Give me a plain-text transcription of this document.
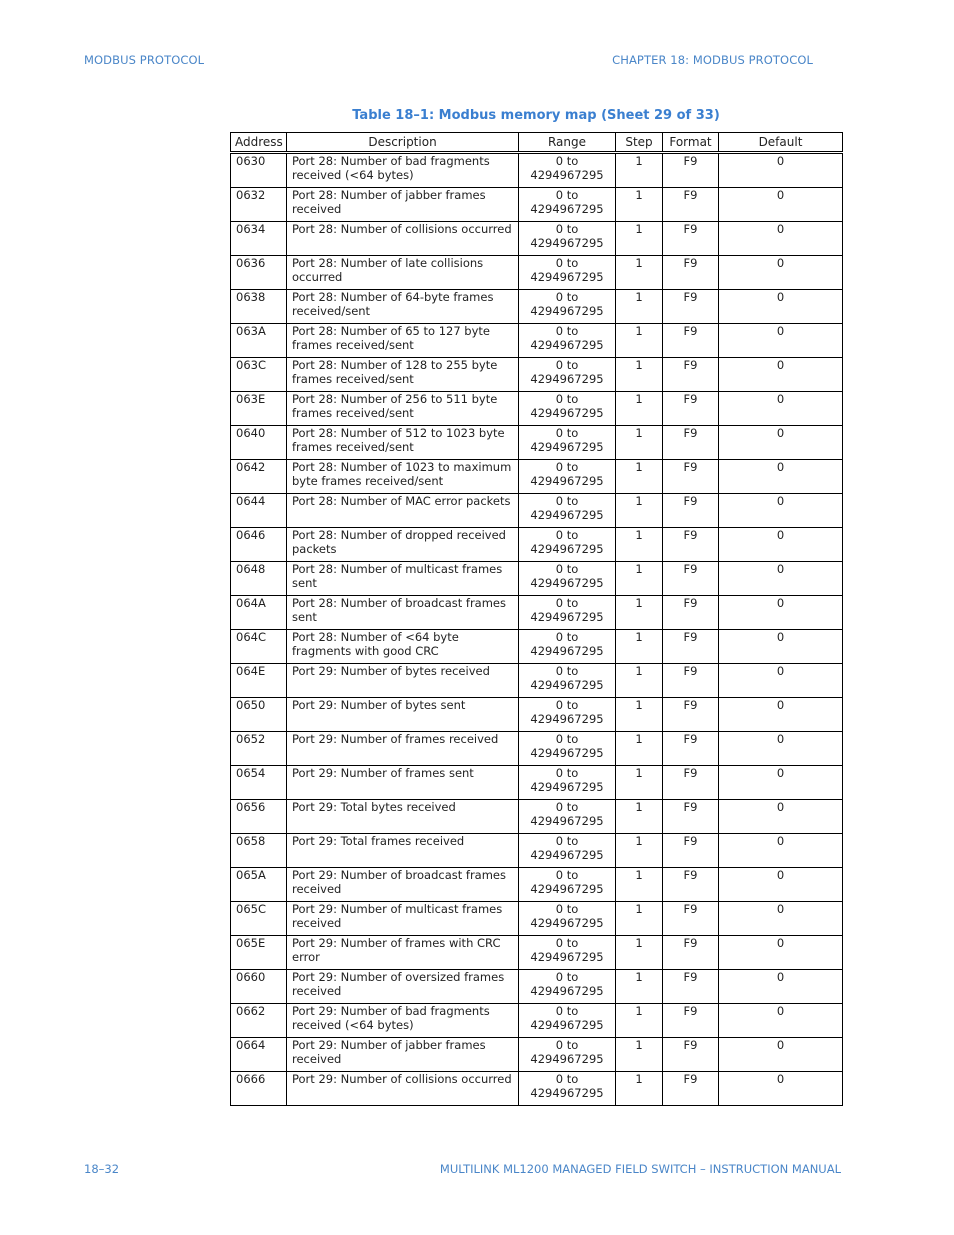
MODBUS PROTOCOL	CHAPTER 18: MODBUS PROTOCOL
Table 18–1: Modbus memory map (Sheet 29 of 33)
Address	Description	Range	Step	Format	Default
0630	Port 28: Number of bad fragments received (<64 bytes)	0 to 4294967295	1	F9	0
0632	Port 28: Number of jabber frames received	0 to 4294967295	1	F9	0
0634	Port 28: Number of collisions occurred	0 to 4294967295	1	F9	0
0636	Port 28: Number of late collisions occurred	0 to 4294967295	1	F9	0
0638	Port 28: Number of 64-byte frames received/sent	0 to 4294967295	1	F9	0
063A	Port 28: Number of 65 to 127 byte frames received/sent	0 to 4294967295	1	F9	0
063C	Port 28: Number of 128 to 255 byte frames received/sent	0 to 4294967295	1	F9	0
063E	Port 28: Number of 256 to 511 byte frames received/sent	0 to 4294967295	1	F9	0
0640	Port 28: Number of 512 to 1023 byte frames received/sent	0 to 4294967295	1	F9	0
0642	Port 28: Number of 1023 to maximum byte frames received/sent	0 to 4294967295	1	F9	0
0644	Port 28: Number of MAC error packets	0 to 4294967295	1	F9	0
0646	Port 28: Number of dropped received packets	0 to 4294967295	1	F9	0
0648	Port 28: Number of multicast frames sent	0 to 4294967295	1	F9	0
064A	Port 28: Number of broadcast frames sent	0 to 4294967295	1	F9	0
064C	Port 28: Number of <64 byte fragments with good CRC	0 to 4294967295	1	F9	0
064E	Port 29: Number of bytes received	0 to 4294967295	1	F9	0
0650	Port 29: Number of bytes sent	0 to 4294967295	1	F9	0
0652	Port 29: Number of frames received	0 to 4294967295	1	F9	0
0654	Port 29: Number of frames sent	0 to 4294967295	1	F9	0
0656	Port 29: Total bytes received	0 to 4294967295	1	F9	0
0658	Port 29: Total frames received	0 to 4294967295	1	F9	0
065A	Port 29: Number of broadcast frames received	0 to 4294967295	1	F9	0
065C	Port 29: Number of multicast frames received	0 to 4294967295	1	F9	0
065E	Port 29: Number of frames with CRC error	0 to 4294967295	1	F9	0
0660	Port 29: Number of oversized frames received	0 to 4294967295	1	F9	0
0662	Port 29: Number of bad fragments received (<64 bytes)	0 to 4294967295	1	F9	0
0664	Port 29: Number of jabber frames received	0 to 4294967295	1	F9	0
0666	Port 29: Number of collisions occurred	0 to 4294967295	1	F9	0
18–32	MULTILINK ML1200 MANAGED FIELD SWITCH – INSTRUCTION MANUAL
